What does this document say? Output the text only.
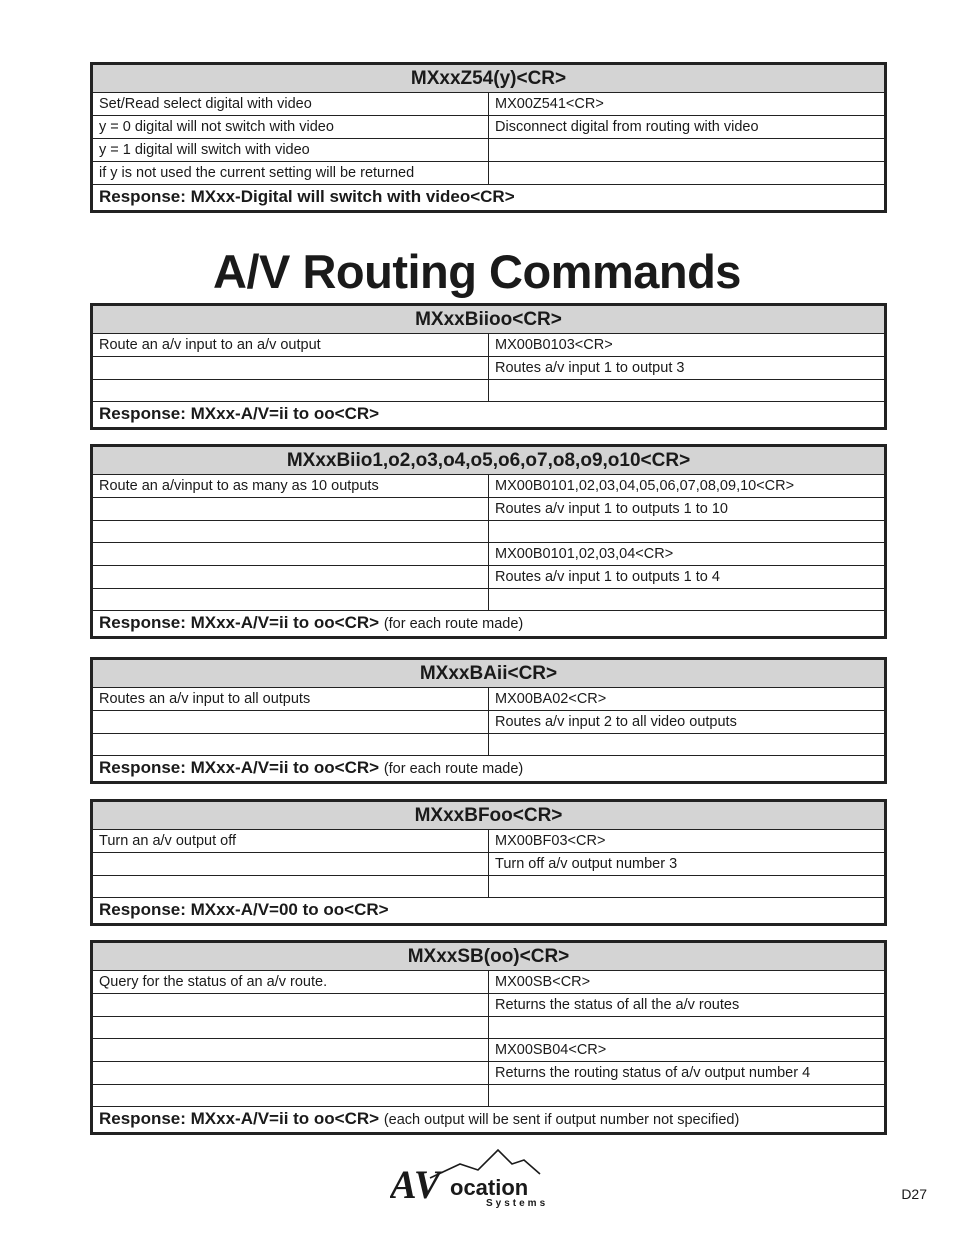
MXxxZ54(y)<CR>	
Set/Read select digital with video	MX00Z541<CR>
y = 0 digital will not switch with video	Disconnect digital from routing with video
y = 1 digital will switch with video	
if y is not used the current setting will be returned	
Response: MXxx-Digital will switch with video<CR>	
A/V Routing Commands
MXxxBiioo<CR>	
Route an a/v input to an a/v output	MX00B0103<CR>
	Routes a/v input 1 to output 3

Response: MXxx-A/V=ii to oo<CR>	
MXxxBiio1,o2,o3,o4,o5,o6,o7,o8,o9,o10<CR>	
Route an a/vinput to as many as 10 outputs	MX00B0101,02,03,04,05,06,07,08,09,10<CR>
	Routes a/v input 1 to outputs 1 to 10

	MX00B0101,02,03,04<CR>
	Routes a/v input 1 to outputs 1 to 4

Response: MXxx-A/V=ii to oo<CR> (for each route made)	
MXxxBAii<CR>	
Routes an a/v input to all outputs	MX00BA02<CR>
	Routes a/v input 2 to all video outputs

Response: MXxx-A/V=ii to oo<CR> (for each route made)	
MXxxBFoo<CR>	
Turn an a/v output off	MX00BF03<CR>
	Turn off a/v output number 3

Response: MXxx-A/V=00 to oo<CR>	
MXxxSB(oo)<CR>	
Query for the status of an a/v route.	MX00SB<CR>
	Returns the status of all the a/v routes

	MX00SB04<CR>
	Returns the routing status of a/v output number 4

Response: MXxx-A/V=ii to oo<CR> (each output will be sent if output number not specified)	
AV ocation
Systems
D27
